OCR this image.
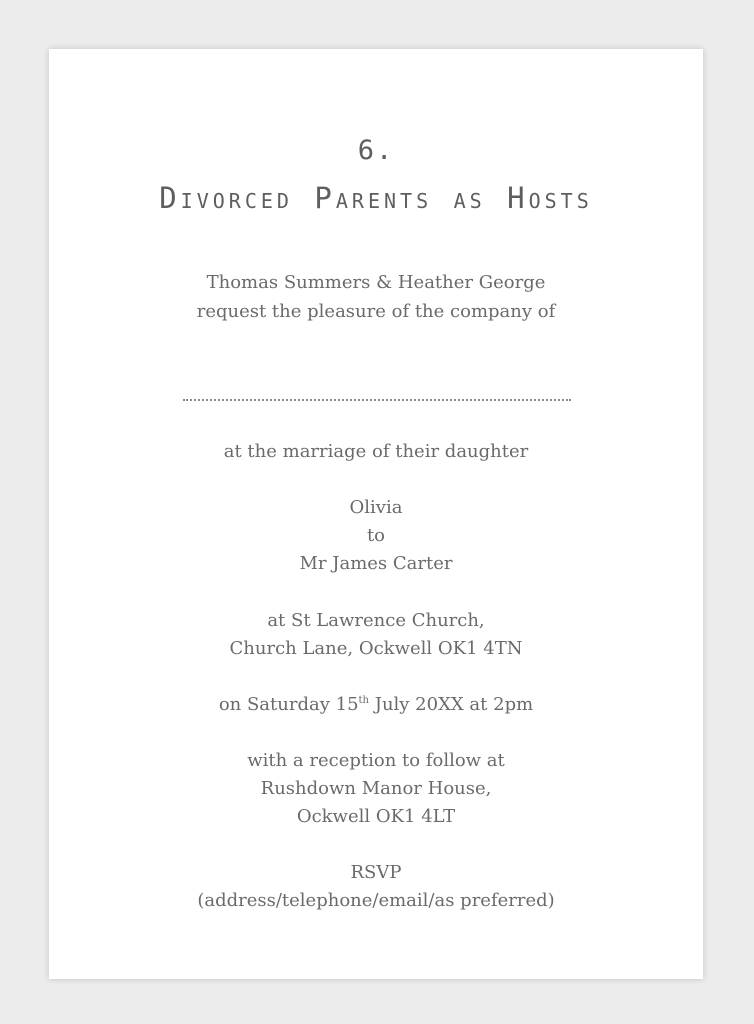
6.
Divorced Parents as Hosts
Thomas Summers & Heather George
request the pleasure of the company of
at the marriage of their daughter
Olivia
to
Mr James Carter
at St Lawrence Church,
Church Lane, Ockwell OK1 4TN
on Saturday 15th July 20XX at 2pm
with a reception to follow at
Rushdown Manor House,
Ockwell OK1 4LT
RSVP
(address/telephone/email/as preferred)
